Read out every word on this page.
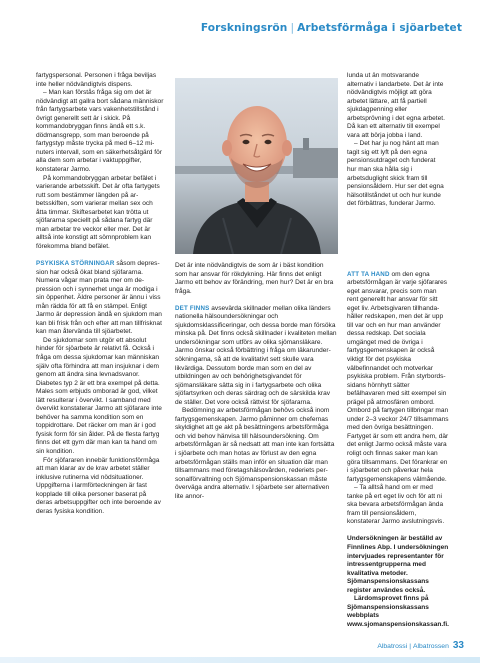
Forskningsrön | Arbetsförmåga i sjöarbetet

fartygspersonal. Personen i fråga beviljas inte heller nödvändigtvis dispens.

– Man kan förstås fråga sig om det är nödvändigt att gallra bort sådana människor från fartygsarbete vars vakenhetstillstånd i övrigt generellt sett är i skick. På kommandobryggan finns ändå ett s.k. dödmansgrepp, som man beroende på fartygstyp måste trycka på med 6–12 minuters intervall, som en säkerhetsåtgärd för alla dem som arbetar i vaktuppgifter, konstaterar Jarmo.

På kommandobryggan arbetar befälet i varierande arbetsskift. Det är ofta fartygets rutt som bestämmer längden på arbetsskiften, som varierar mellan sex och åtta timmar. Skiftesarbetet kan trötta ut sjöfararna speciellt på sådana fartyg där man arbetar tre veckor eller mer. Det är alltså inte konstigt att sömnproblem kan förekomma bland befälet.

PSYKISKA STÖRNINGAR såsom depression har också ökat bland sjöfararna. Numera vågar man prata mer om depression och i synnerhet unga är modiga i sin öppenhet. Äldre personer är ännu i viss mån rädda för att få en stämpel. Enligt Jarmo är depression ändå en sjukdom man kan bli frisk från och efter att man tillfrisknat kan man återvända till sjöarbetet.

De sjukdomar som utgör ett absolut hinder för sjöarbete är relativt få. Också i fråga om dessa sjukdomar kan människan själv ofta förhindra att man insjuknar i dem genom att ändra sina levnadsvanor. Diabetes typ 2 är ett bra exempel på detta. Males som erbjuds omborad är god, vilket lätt resulterar i övervikt. I samband med övervikt konstaterar Jarmo att sjöfarare inte behöver ha samma kondition som en toppidrottare. Det räcker om man är i god fysisk form för sin ålder. På de flesta fartyg finns det ett gym där man kan ta hand om sin kondition.

För sjöfararen innebär funktionsförmåga att man klarar av de krav arbetet ställer inklusive rutinerna vid nödsituationer. Uppgifterna i larmförteckningen är fast kopplade till olika personer baserat på deras arbetsuppgifter och inte beroende av deras fysiska kondition.

Det är inte nödvändigtvis de som är i bäst kondition som har ansvar för rökdykning. Här finns det enligt Jarmo ett behov av förändring, men hur? Det är en bra fråga.

DET FINNS avsevärda skillnader mellan olika länders nationella hälsoundersökningar och sjukdomsklassificeringar, och dessa borde man försöka minska på. Det finns också skillnader i kvaliteten mellan undersökningar som utförs av olika sjömansläkare. Jarmo önskar också förbättring i fråga om läkarundersökningarna, så att de kvalitativt sett skulle vara likvärdiga. Dessutom borde man som en del av utbildningen av och behörighetsgivandet för sjömansläkare sätta sig in i fartygsarbete och olika sjöfartsyrken och deras särdrag och de särskilda krav de ställer. Det vore också rättvist för sjöfararna.

Bedömning av arbetsförmågan behövs också inom fartygsgemenskapen. Jarmo påminner om chefernas skyldighet att ge akt på besättningens arbetsförmåga och vid behov hänvisa till hälsoundersökning. Om arbetsförmågan är så nedsatt att man inte kan fortsätta i sjöarbete och man hotas av förlust av den egna arbetsförmågan ställs man inför en situation där man tillsammans med företagshälsovården, rederiets personalförvaltning och Sjömanspensionskassan måste överväga andra alternativ. I sjöarbete ser alternativen lite annor-

lunda ut än motsvarande alternativ i landarbete. Det är inte nödvändigtvis möjligt att göra arbetet lättare, att få partiell sjukdagpenning eller arbetsprövning i det egna arbetet. Då kan ett alternativ till exempel vara att börja jobba i land.

– Det har ju nog hänt att man tagit sig ett lyft på den egna pensionsutdraget och funderat hur man ska hålla sig i arbetsduglight skick fram till pensionsåldern. Hur ser det egna hälsotillståndet ut och hur kunde det förbättras, funderar Jarmo.

ATT TA HAND om den egna arbetsförmågan är varje sjöfarares eget ansvarar, precis som man rent generellt har ansvar för sitt eget liv. Arbetsgivaren tillhandahåller redskapen, men det är upp till var och en hur man använder dessa redskap. Det sociala umgänget med de övriga i fartygsgemenskapen är också viktigt för det psykiska välbefinnandet och motverkar psykiska problem. Från styrbordssidans hörnhytt sätter befälhavaren med sitt exempel sin prägel på atmosfären ombord. Ombord på fartygen tillbringar man under 2–3 veckor 24/7 tillsammans med den övriga besättningen. Fartyget är som ett andra hem, där det enligt Jarmo också måste vara roligt och finnas saker man kan göra tillsammans. Det förankrar en i sjöarbetet och påverkar hela fartygsgemenskapens välmående.

– Ta alltså hand om er med tanke på ert eget liv och för att ni ska bevara arbetsförmågan ända fram till pensionsåldern, konstaterar Jarmo avslutningsvis.

Undersökningen är beställd av Finnlines Abp. I undersökningen intervjuades representanter för intressentgrupperna med kvalitativa metoder. Sjömanspensionskassans register användes också.

Lärdomsprovet finns på Sjömanspensionskassans webbplats www.sjomanspensionskassan.fi.

Albatrossi | Albatrossen 33
